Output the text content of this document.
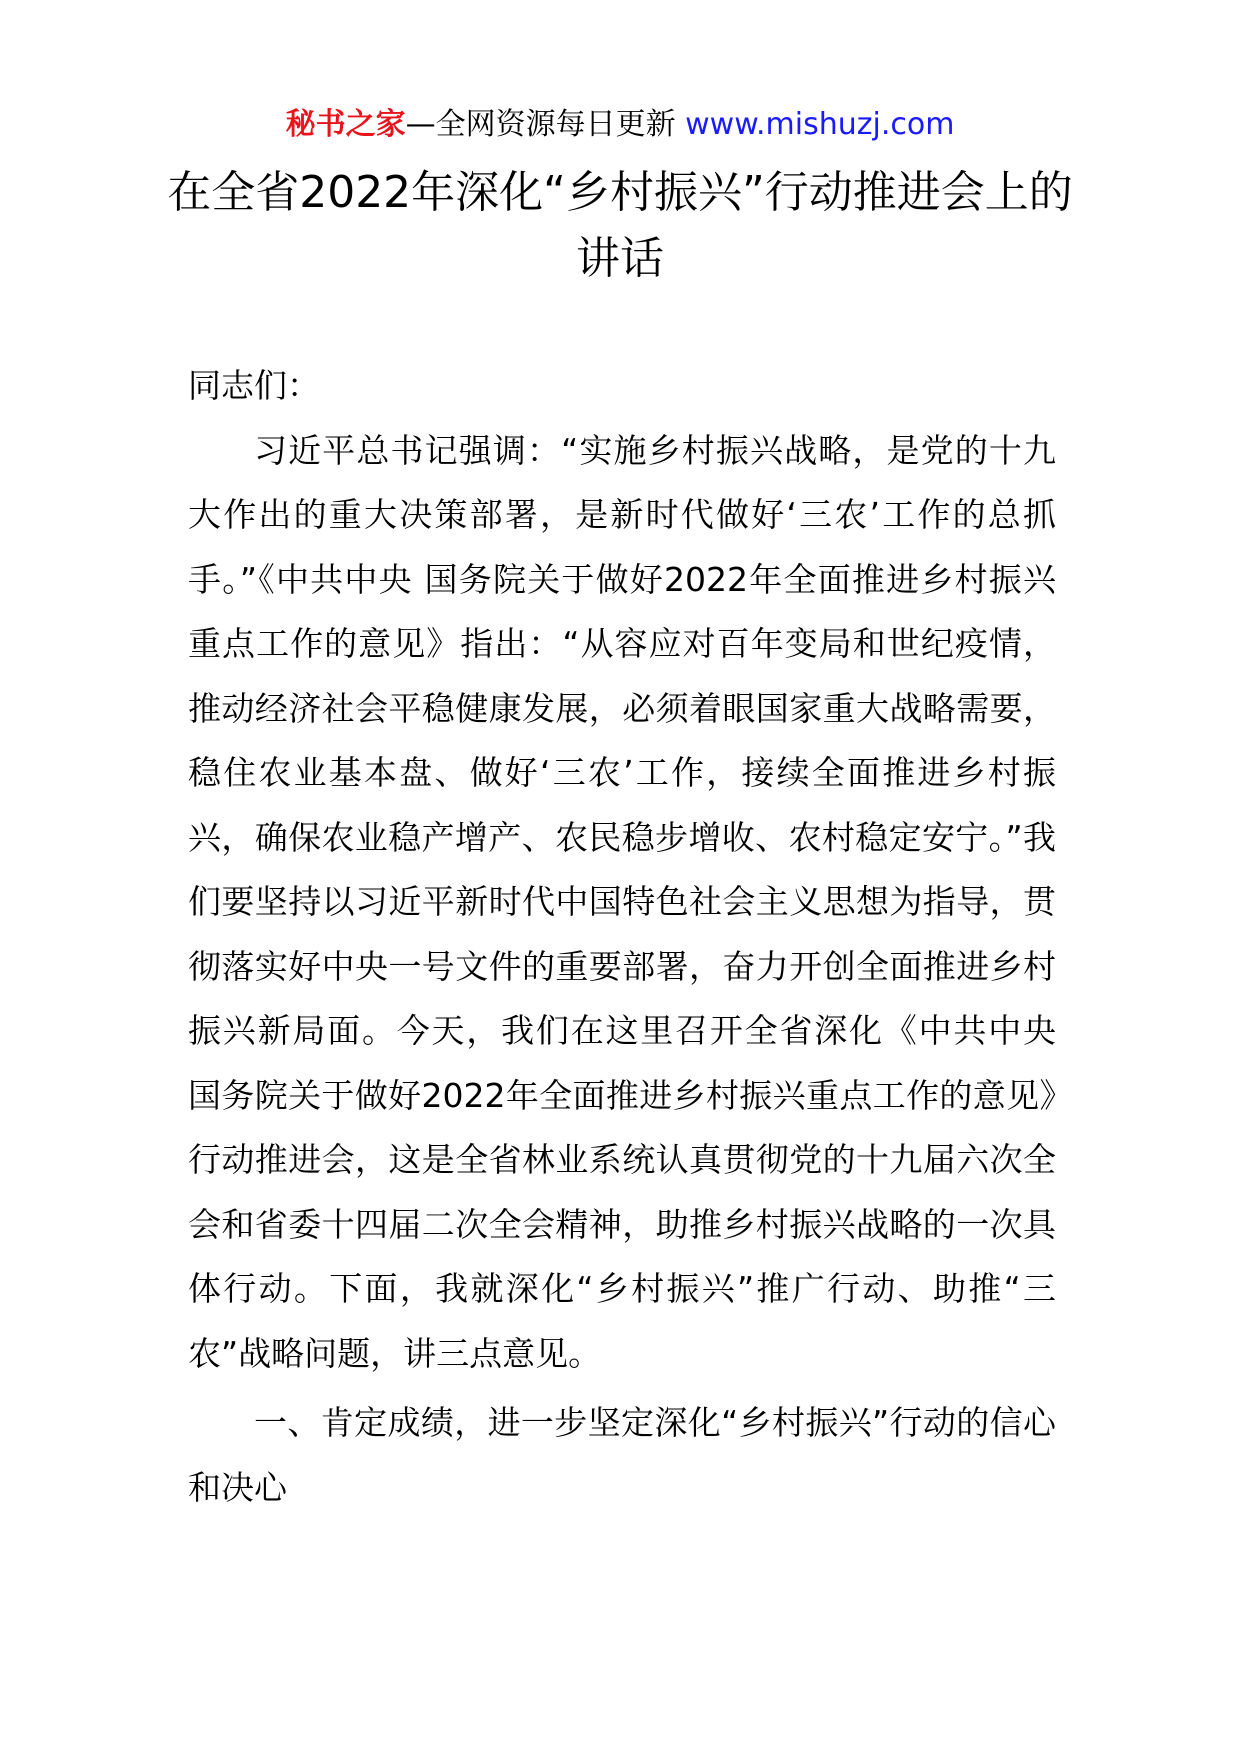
秘书之家—全网资源每日更新 www.mishuzj.com
在全省2022年深化“乡村振兴”行动推进会上的讲话

同志们：

习近平总书记强调：“实施乡村振兴战略，是党的十九大作出的重大决策部署，是新时代做好‘三农’工作的总抓手。”《中共中央 国务院关于做好2022年全面推进乡村振兴重点工作的意见》指出：“从容应对百年变局和世纪疫情，推动经济社会平稳健康发展，必须着眼国家重大战略需要，稳住农业基本盘、做好‘三农’工作，接续全面推进乡村振兴，确保农业稳产增产、农民稳步增收、农村稳定安宁。”我们要坚持以习近平新时代中国特色社会主义思想为指导，贯彻落实好中央一号文件的重要部署，奋力开创全面推进乡村振兴新局面。今天，我们在这里召开全省深化《中共中央 国务院关于做好2022年全面推进乡村振兴重点工作的意见》行动推进会，这是全省林业系统认真贯彻党的十九届六次全会和省委十四届二次全会精神，助推乡村振兴战略的一次具体行动。下面，我就深化“乡村振兴”推广行动、助推“三农”战略问题，讲三点意见。

一、肯定成绩，进一步坚定深化“乡村振兴”行动的信心和决心
